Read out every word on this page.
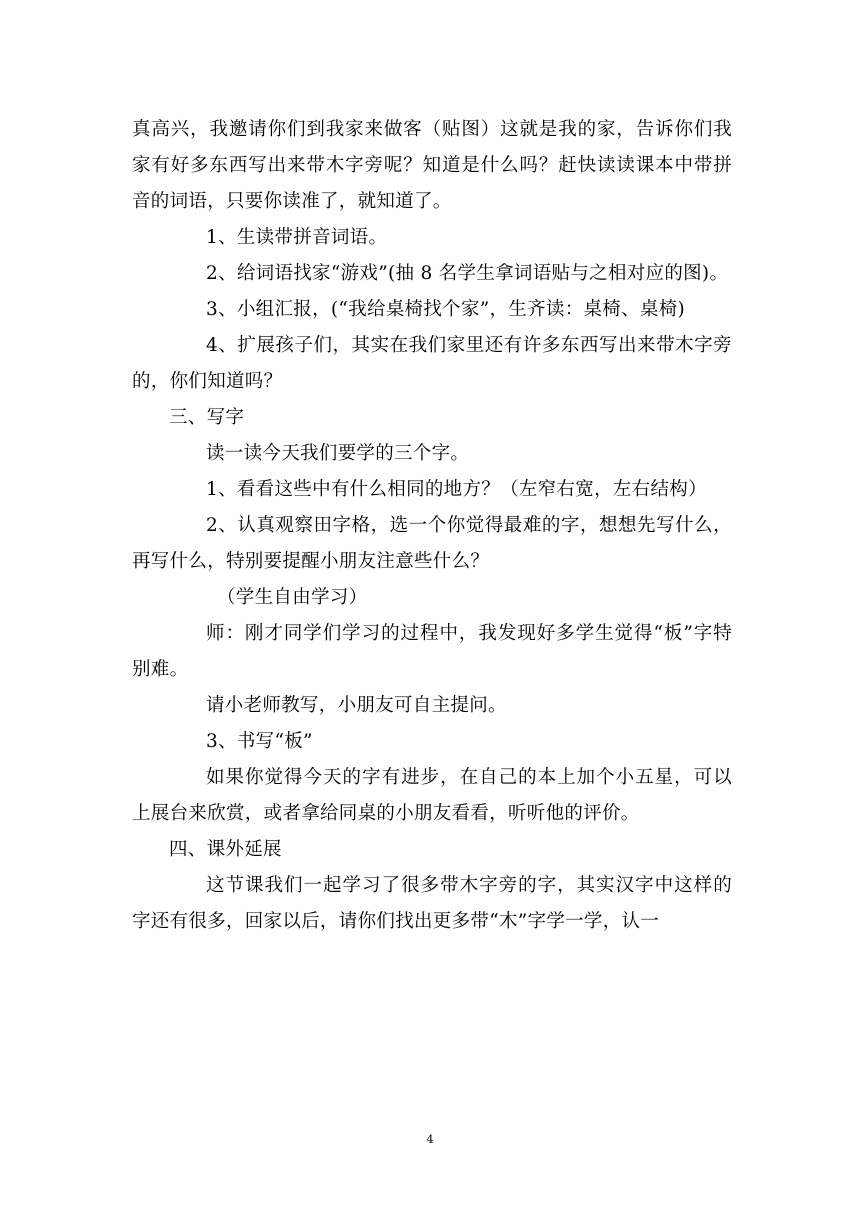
真高兴，我邀请你们到我家来做客（贴图）这就是我的家，告诉你们我家有好多东西写出来带木字旁呢？知道是什么吗？赶快读读课本中带拼音的词语，只要你读准了，就知道了。

1、生读带拼音词语。

2、给词语找家“游戏”(抽 8 名学生拿词语贴与之相对应的图)。

3、小组汇报，(“我给桌椅找个家”，生齐读：桌椅、桌椅)

4、扩展孩子们，其实在我们家里还有许多东西写出来带木字旁的，你们知道吗？

三、写字

读一读今天我们要学的三个字。

1、看看这些中有什么相同的地方？（左窄右宽，左右结构）

2、认真观察田字格，选一个你觉得最难的字，想想先写什么，再写什么，特别要提醒小朋友注意些什么？

（学生自由学习）

师：刚才同学们学习的过程中，我发现好多学生觉得“板”字特别难。

请小老师教写，小朋友可自主提问。

3、书写“板”

如果你觉得今天的字有进步，在自己的本上加个小五星，可以上展台来欣赏，或者拿给同桌的小朋友看看，听听他的评价。

四、课外延展

这节课我们一起学习了很多带木字旁的字，其实汉字中这样的字还有很多，回家以后，请你们找出更多带“木”字学一学，认一

4
